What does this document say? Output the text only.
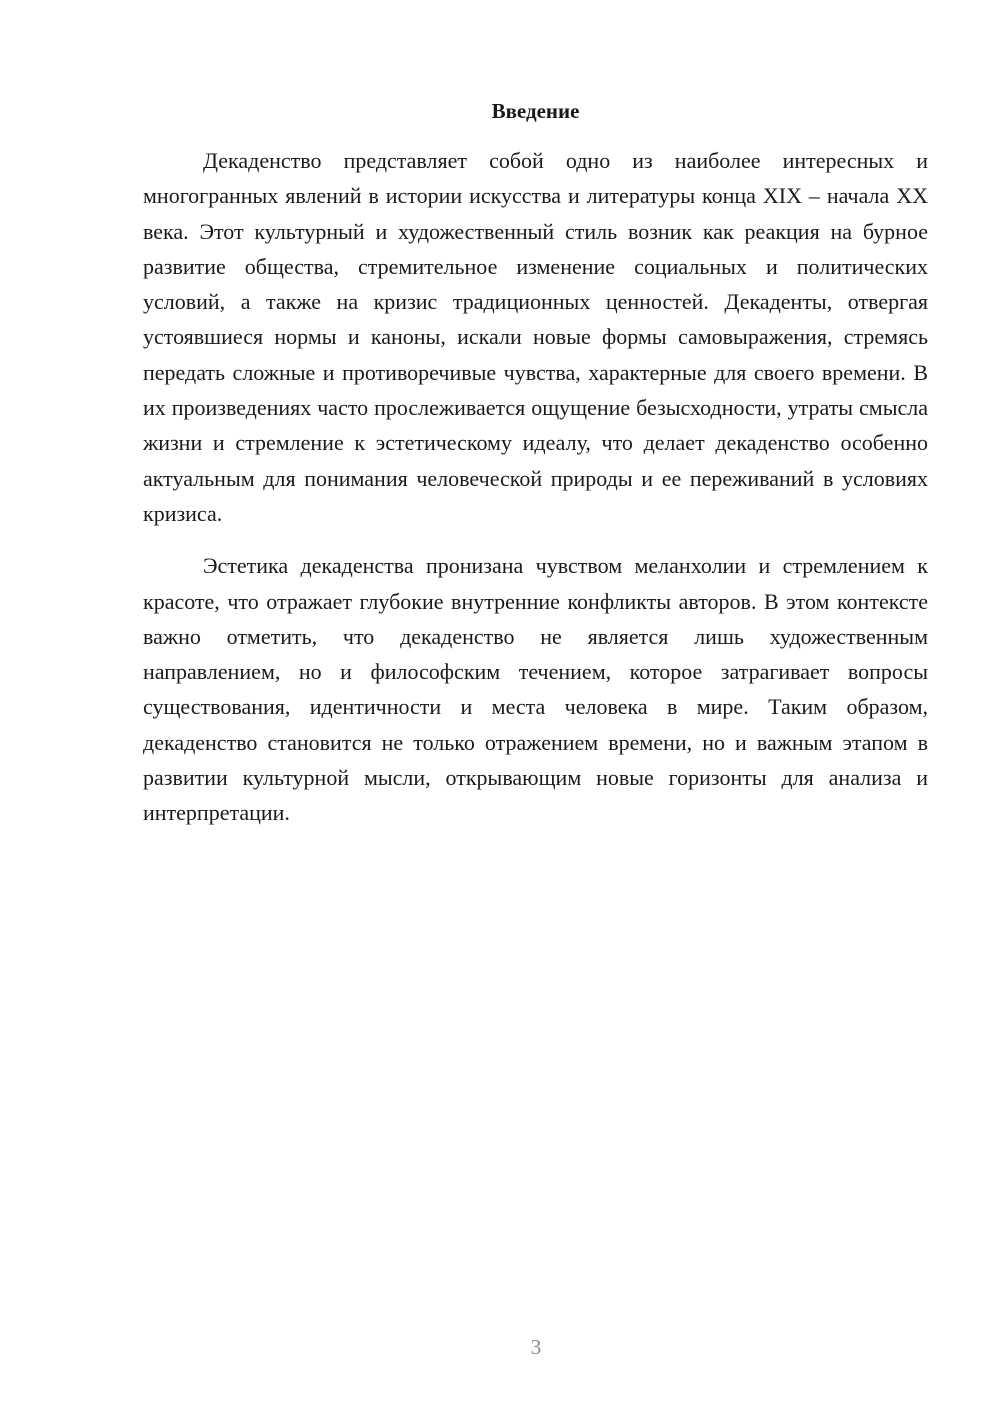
Введение

Декаденство представляет собой одно из наиболее интересных и многогранных явлений в истории искусства и литературы конца XIX – начала XX века. Этот культурный и художественный стиль возник как реакция на бурное развитие общества, стремительное изменение социальных и политических условий, а также на кризис традиционных ценностей. Декаденты, отвергая устоявшиеся нормы и каноны, искали новые формы самовыражения, стремясь передать сложные и противоречивые чувства, характерные для своего времени. В их произведениях часто прослеживается ощущение безысходности, утраты смысла жизни и стремление к эстетическому идеалу, что делает декаденство особенно актуальным для понимания человеческой природы и ее переживаний в условиях кризиса.

Эстетика декаденства пронизана чувством меланхолии и стремлением к красоте, что отражает глубокие внутренние конфликты авторов. В этом контексте важно отметить, что декаденство не является лишь художественным направлением, но и философским течением, которое затрагивает вопросы существования, идентичности и места человека в мире. Таким образом, декаденство становится не только отражением времени, но и важным этапом в развитии культурной мысли, открывающим новые горизонты для анализа и интерпретации.

3
